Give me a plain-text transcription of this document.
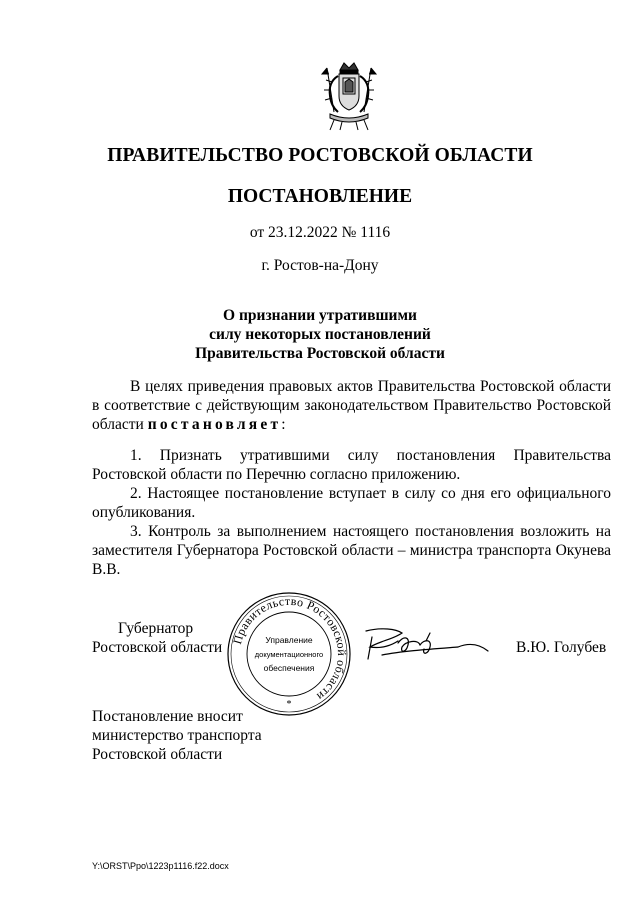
ПРАВИТЕЛЬСТВО РОСТОВСКОЙ ОБЛАСТИ
ПОСТАНОВЛЕНИЕ
от 23.12.2022 № 1116
г. Ростов-на-Дону
О признании утратившими
силу некоторых постановлений
Правительства Ростовской области

В целях приведения правовых актов Правительства Ростовской области в соответствие с действующим законодательством Правительство Ростовской

области постановляет:

1. Признать утратившими силу постановления Правительства Ростовской области по Перечню согласно приложению.

2. Настоящее постановление вступает в силу со дня его официального опубликования.

3. Контроль за выполнением настоящего постановления возложить на заместителя Губернатора Ростовской области – министра транспорта Окунева В.В.

Губернатор
Ростовской области	В.Ю. Голубев
Правительство Ростовской области
Управление
документационного
обеспечения
*
Постановление вносит
министерство транспорта
Ростовской области
Y:\ORST\Ppo\1223p1116.f22.docx
